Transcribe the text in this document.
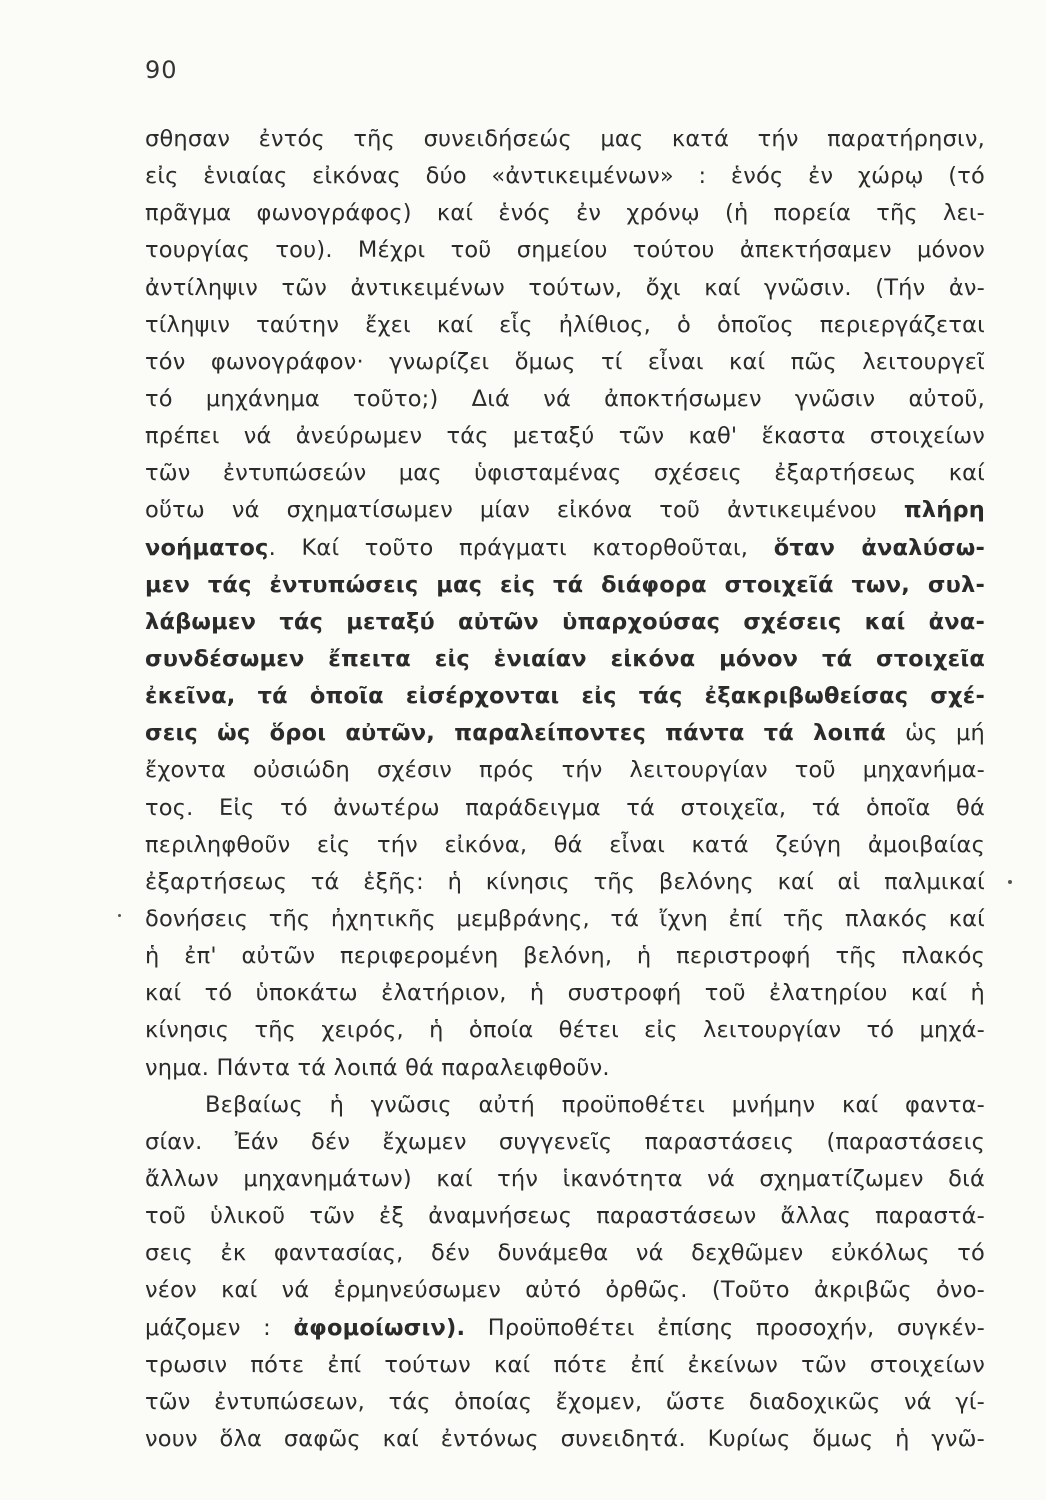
90
σθησαν ἐντός τῆς συνειδήσεώς μας κατά τήν παρατήρησιν,
εἰς ἑνιαίας εἰκόνας δύο «ἀντικειμένων» : ἑνός ἐν χώρῳ (τό
πρᾶγμα φωνογράφος) καί ἑνός ἐν χρόνῳ (ἡ πορεία τῆς λει-
τουργίας του). Μέχρι τοῦ σημείου τούτου ἀπεκτήσαμεν μόνον
ἀντίληψιν τῶν ἀντικειμένων τούτων, ὄχι καί γνῶσιν. (Τήν ἀν-
τίληψιν ταύτην ἔχει καί εἷς ἠλίθιος, ὁ ὁποῖος περιεργάζεται
τόν φωνογράφον· γνωρίζει ὅμως τί εἶναι καί πῶς λειτουργεῖ
τό μηχάνημα τοῦτο;) Διά νά ἀποκτήσωμεν γνῶσιν αὐτοῦ,
πρέπει νά ἀνεύρωμεν τάς μεταξύ τῶν καθ' ἕκαστα στοιχείων
τῶν ἐντυπώσεών μας ὑφισταμένας σχέσεις ἐξαρτήσεως καί
οὕτω νά σχηματίσωμεν μίαν εἰκόνα τοῦ ἀντικειμένου πλήρη
νοήματος. Καί τοῦτο πράγματι κατορθοῦται, ὅταν ἀναλύσω-
μεν τάς ἐντυπώσεις μας εἰς τά διάφορα στοιχεῖά των, συλ-
λάβωμεν τάς μεταξύ αὐτῶν ὑπαρχούσας σχέσεις καί ἀνα-
συνδέσωμεν ἔπειτα εἰς ἑνιαίαν εἰκόνα μόνον τά στοιχεῖα
ἐκεῖνα, τά ὁποῖα εἰσέρχονται εἰς τάς ἐξακριβωθείσας σχέ-
σεις ὡς ὅροι αὐτῶν, παραλείποντες πάντα τά λοιπά ὡς μή
ἔχοντα οὐσιώδη σχέσιν πρός τήν λειτουργίαν τοῦ μηχανήμα-
τος. Εἰς τό ἀνωτέρω παράδειγμα τά στοιχεῖα, τά ὁποῖα θά
περιληφθοῦν εἰς τήν εἰκόνα, θά εἶναι κατά ζεύγη ἀμοιβαίας
ἐξαρτήσεως τά ἑξῆς: ἡ κίνησις τῆς βελόνης καί αἱ παλμικαί
δονήσεις τῆς ἠχητικῆς μεμβράνης, τά ἴχνη ἐπί τῆς πλακός καί
ἡ ἐπ' αὐτῶν περιφερομένη βελόνη, ἡ περιστροφή τῆς πλακός
καί τό ὑποκάτω ἐλατήριον, ἡ συστροφή τοῦ ἐλατηρίου καί ἡ
κίνησις τῆς χειρός, ἡ ὁποία θέτει εἰς λειτουργίαν τό μηχά-
νημα. Πάντα τά λοιπά θά παραλειφθοῦν.
Βεβαίως ἡ γνῶσις αὐτή προϋποθέτει μνήμην καί φαντα-
σίαν. Ἐάν δέν ἔχωμεν συγγενεῖς παραστάσεις (παραστάσεις
ἄλλων μηχανημάτων) καί τήν ἱκανότητα νά σχηματίζωμεν διά
τοῦ ὑλικοῦ τῶν ἐξ ἀναμνήσεως παραστάσεων ἄλλας παραστά-
σεις ἐκ φαντασίας, δέν δυνάμεθα νά δεχθῶμεν εὐκόλως τό
νέον καί νά ἑρμηνεύσωμεν αὐτό ὀρθῶς. (Τοῦτο ἀκριβῶς ὀνο-
μάζομεν : ἀφομοίωσιν). Προϋποθέτει ἐπίσης προσοχήν, συγκέν-
τρωσιν πότε ἐπί τούτων καί πότε ἐπί ἐκείνων τῶν στοιχείων
τῶν ἐντυπώσεων, τάς ὁποίας ἔχομεν, ὥστε διαδοχικῶς νά γί-
νουν ὅλα σαφῶς καί ἐντόνως συνειδητά. Κυρίως ὅμως ἡ γνῶ-
